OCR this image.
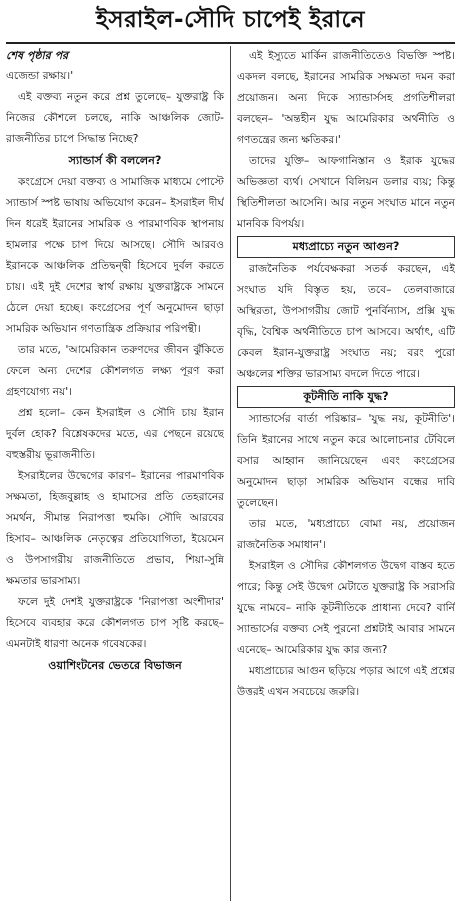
ইসরাইল-সৌদি চাপেই ইরানে
শেষ পৃষ্ঠার পর

এজেন্ডা রক্ষায়।'

এই বক্তব্য নতুন করে প্রশ্ন তুলেছে– যুক্তরাষ্ট্র কি নিজের কৌশলে চলছে, নাকি আঞ্চলিক জোট-রাজনীতির চাপে সিদ্ধান্ত নিচ্ছে?

স্যান্ডার্স কী বললেন?

কংগ্রেসে দেয়া বক্তব্য ও সামাজিক মাধ্যমে পোস্টে স্যান্ডার্স স্পষ্ট ভাষায় অভিযোগ করেন– ইসরাইল দীর্ঘ দিন ধরেই ইরানের সামরিক ও পারমাণবিক স্থাপনায় হামলার পক্ষে চাপ দিয়ে আসছে। সৌদি আরবও ইরানকে আঞ্চলিক প্রতিদ্বন্দ্বী হিসেবে দুর্বল করতে চায়। এই দুই দেশের স্বার্থ রক্ষায় যুক্তরাষ্ট্রকে সামনে ঠেলে দেয়া হচ্ছে। কংগ্রেসের পূর্ণ অনুমোদন ছাড়া সামরিক অভিযান গণতান্ত্রিক প্রক্রিয়ার পরিপন্থী।

তার মতে, 'আমেরিকান তরুণদের জীবন ঝুঁকিতে ফেলে অন্য দেশের কৌশলগত লক্ষ্য পূরণ করা গ্রহণযোগ্য নয়'।

প্রশ্ন হলো– কেন ইসরাইল ও সৌদি চায় ইরান দুর্বল হোক? বিশ্লেষকদের মতে, এর পেছনে রয়েছে বহুস্তরীয় ভূরাজনীতি।

ইসরাইলের উদ্বেগের কারণ– ইরানের পারমাণবিক সক্ষমতা, হিজবুল্লাহ ও হামাসের প্রতি তেহরানের সমর্থন, সীমান্ত নিরাপত্তা হুমকি। সৌদি আরবের হিসাব– আঞ্চলিক নেতৃত্বের প্রতিযোগিতা, ইয়েমেন ও উপসাগরীয় রাজনীতিতে প্রভাব, শিয়া-সুন্নি ক্ষমতার ভারসাম্য।

ফলে দুই দেশই যুক্তরাষ্ট্রকে 'নিরাপত্তা অংশীদার' হিসেবে ব্যবহার করে কৌশলগত চাপ সৃষ্টি করছে– এমনটাই ধারণা অনেক গবেষকের।

ওয়াশিংটনের ভেতরে বিভাজন

এই ইস্যুতে মার্কিন রাজনীতিতেও বিভক্তি স্পষ্ট। একদল বলছে, ইরানের সামরিক সক্ষমতা দমন করা প্রয়োজন। অন্য দিকে স্যান্ডার্সসহ প্রগতিশীলরা বলছেন– 'অন্তহীন যুদ্ধ আমেরিকার অর্থনীতি ও গণতন্ত্রের জন্য ক্ষতিকর।'

তাদের যুক্তি– আফগানিস্তান ও ইরাক যুদ্ধের অভিজ্ঞতা ব্যর্থ। সেখানে বিলিয়ন ডলার ব্যয়; কিন্তু স্থিতিশীলতা আসেনি। আর নতুন সংঘাত মানে নতুন মানবিক বিপর্যয়।

মধ্যপ্রাচ্যে নতুন আগুন?

রাজনৈতিক পর্যবেক্ষকরা সতর্ক করছেন, এই সংঘাত যদি বিস্তৃত হয়, তবে– তেলবাজারে অস্থিরতা, উপসাগরীয় জোট পুনর্বিন্যাস, প্রক্সি যুদ্ধ বৃদ্ধি, বৈশ্বিক অর্থনীতিতে চাপ আসবে। অর্থাৎ, এটি কেবল ইরান-যুক্তরাষ্ট্র সংঘাত নয়; বরং পুরো অঞ্চলের শক্তির ভারসাম্য বদলে দিতে পারে।

কূটনীতি নাকি যুদ্ধ?

স্যান্ডার্সের বার্তা পরিষ্কার– 'যুদ্ধ নয়, কূটনীতি'। তিনি ইরানের সাথে নতুন করে আলোচনার টেবিলে বসার আহ্বান জানিয়েছেন এবং কংগ্রেসের অনুমোদন ছাড়া সামরিক অভিযান বন্ধের দাবি তুলেছেন।

তার মতে, 'মধ্যপ্রাচ্যে বোমা নয়, প্রয়োজন রাজনৈতিক সমাধান'।

ইসরাইল ও সৌদির কৌশলগত উদ্বেগ বাস্তব হতে পারে; কিন্তু সেই উদ্বেগ মেটাতে যুক্তরাষ্ট্র কি সরাসরি যুদ্ধে নামবে– নাকি কূটনীতিকে প্রাধান্য দেবে? বার্নি স্যান্ডার্সের বক্তব্য সেই পুরনো প্রশ্নটাই আবার সামনে এনেছে– আমেরিকার যুদ্ধ কার জন্য?

মধ্যপ্রাচ্যের আগুন ছড়িয়ে পড়ার আগে এই প্রশ্নের উত্তরই এখন সবচেয়ে জরুরি।
